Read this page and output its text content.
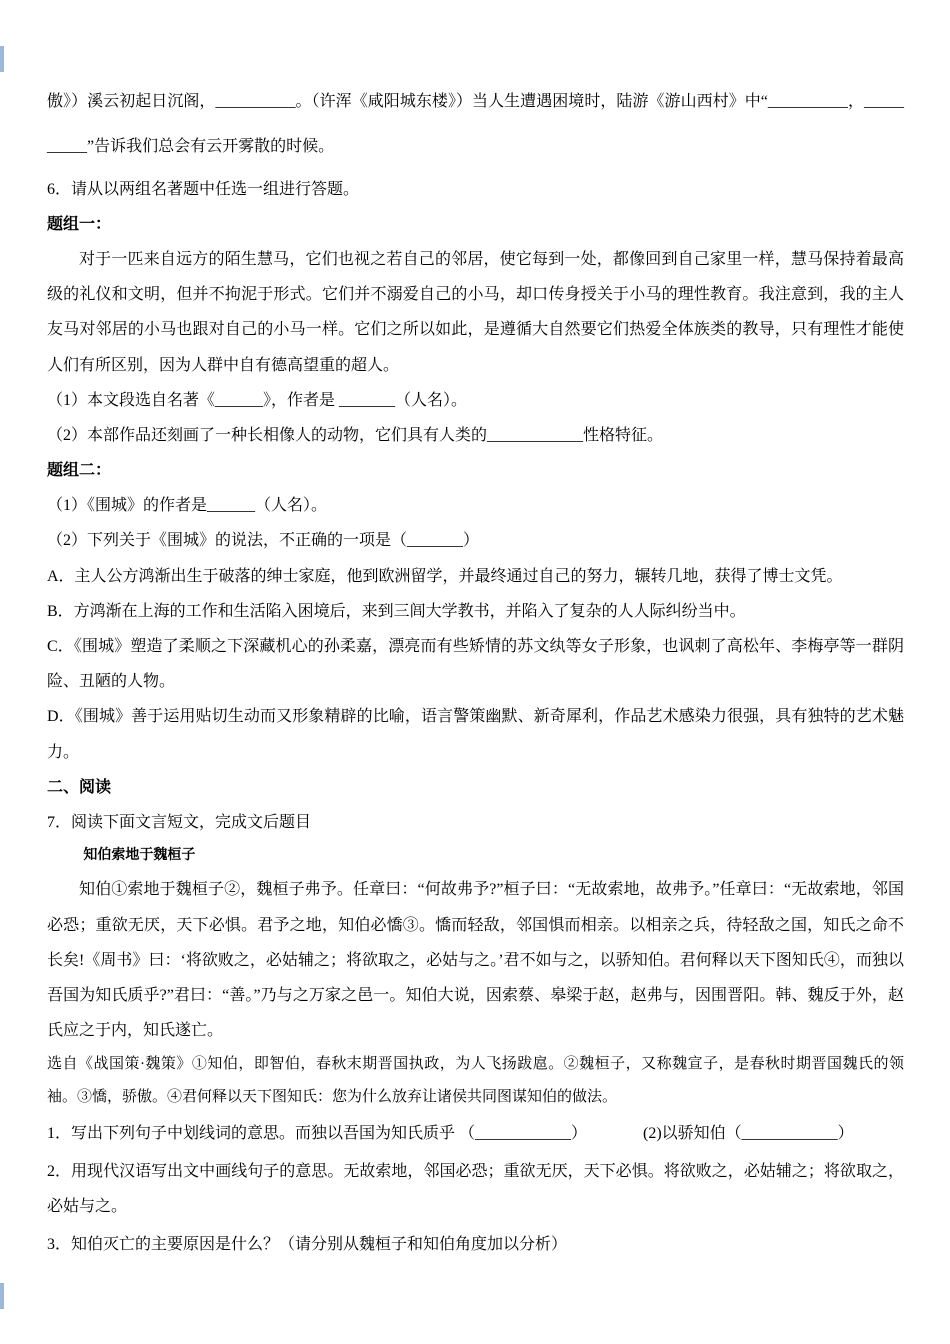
傲》）溪云初起日沉阁，__________。（许浑《咸阳城东楼》）当人生遭遇困境时，陆游《游山西村》中“__________，__________”告诉我们总会有云开雾散的时候。

6．请从以两组名著题中任选一组进行答题。

题组一：

对于一匹来自远方的陌生慧马，它们也视之若自己的邻居，使它每到一处，都像回到自己家里一样，慧马保持着最高级的礼仪和文明，但并不拘泥于形式。它们并不溺爱自己的小马，却口传身授关于小马的理性教育。我注意到，我的主人友马对邻居的小马也跟对自己的小马一样。它们之所以如此，是遵循大自然要它们热爱全体族类的教导，只有理性才能使人们有所区别，因为人群中自有德高望重的超人。

（1）本文段选自名著《______》，作者是 _______（人名）。

（2）本部作品还刻画了一种长相像人的动物，它们具有人类的____________性格特征。

题组二：

（1）《围城》的作者是______（人名）。

（2）下列关于《围城》的说法，不正确的一项是（_______）

A．主人公方鸿渐出生于破落的绅士家庭，他到欧洲留学，并最终通过自己的努力，辗转几地，获得了博士文凭。

B．方鸿渐在上海的工作和生活陷入困境后，来到三闾大学教书，并陷入了复杂的人人际纠纷当中。

C．《围城》塑造了柔顺之下深藏机心的孙柔嘉，漂亮而有些矫情的苏文纨等女子形象，也讽刺了高松年、李梅亭等一群阴险、丑陋的人物。

D．《围城》善于运用贴切生动而又形象精辟的比喻，语言警策幽默、新奇犀利，作品艺术感染力很强，具有独特的艺术魅力。

二、阅读

7．阅读下面文言短文，完成文后题目

知伯索地于魏桓子

知伯①索地于魏桓子②，魏桓子弗予。任章曰：“何故弗予?”桓子曰：“无故索地，故弗予。”任章曰：“无故索地，邻国必恐；重欲无厌，天下必惧。君予之地，知伯必憍③。憍而轻敌，邻国惧而相亲。以相亲之兵，待轻敌之国，知氏之命不长矣!《周书》曰：‘将欲败之，必姑辅之；将欲取之，必姑与之。’君不如与之，以骄知伯。君何释以天下图知氏④，而独以吾国为知氏质乎?”君曰：“善。”乃与之万家之邑一。知伯大说，因索蔡、皋梁于赵，赵弗与，因围晋阳。韩、魏反于外，赵氏应之于内，知氏遂亡。

选自《战国策·魏策》①知伯，即智伯，春秋末期晋国执政，为人飞扬跋扈。②魏桓子，又称魏宣子，是春秋时期晋国魏氏的领袖。③憍，骄傲。④君何释以天下图知氏：您为什么放弃让诸侯共同图谋知伯的做法。

1．写出下列句子中划线词的意思。而独以吾国为知氏质乎 （____________）　　　　(2)以骄知伯（____________）

2．用现代汉语写出文中画线句子的意思。无故索地，邻国必恐；重欲无厌，天下必惧。将欲败之，必姑辅之；将欲取之，必姑与之。

3．知伯灭亡的主要原因是什么？（请分别从魏桓子和知伯角度加以分析）
